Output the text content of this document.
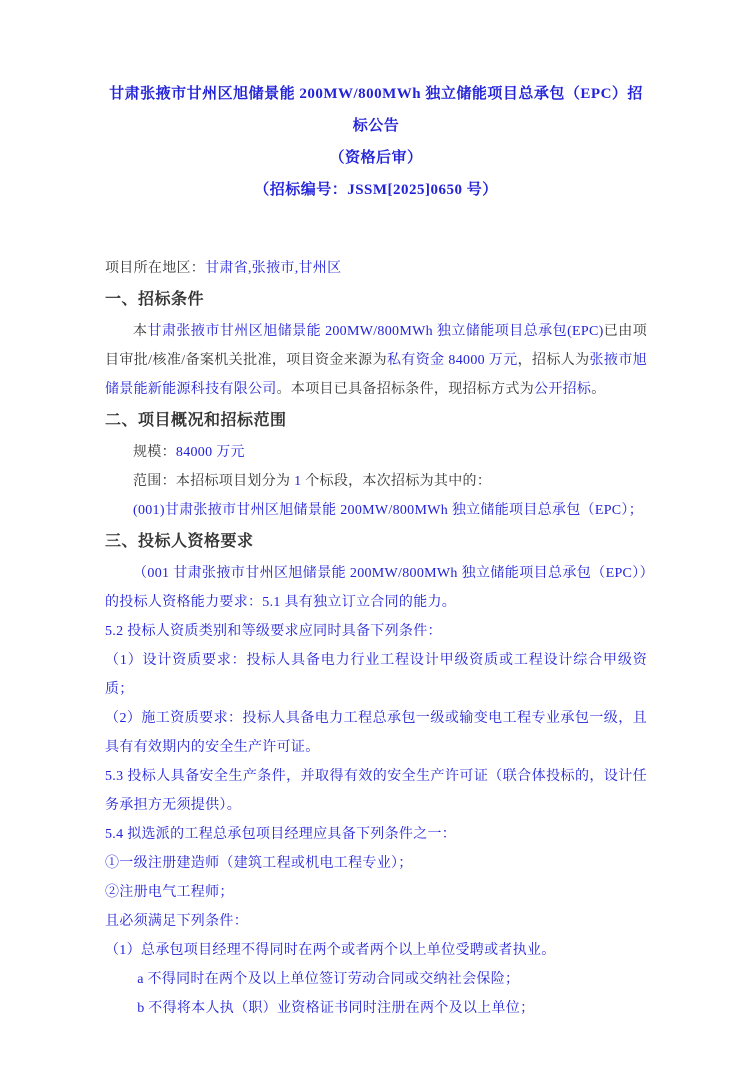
甘肃张掖市甘州区旭储景能 200MW/800MWh 独立储能项目总承包（EPC）招标公告
（资格后审）
（招标编号：JSSM[2025]0650 号）
项目所在地区：甘肃省,张掖市,甘州区
一、招标条件
本甘肃张掖市甘州区旭储景能 200MW/800MWh 独立储能项目总承包(EPC)已由项目审批/核准/备案机关批准，项目资金来源为私有资金 84000 万元，招标人为张掖市旭储景能新能源科技有限公司。本项目已具备招标条件，现招标方式为公开招标。
二、项目概况和招标范围
规模：84000 万元
范围：本招标项目划分为 1 个标段，本次招标为其中的：
(001)甘肃张掖市甘州区旭储景能 200MW/800MWh 独立储能项目总承包（EPC）；
三、投标人资格要求
（001 甘肃张掖市甘州区旭储景能 200MW/800MWh 独立储能项目总承包（EPC））的投标人资格能力要求：5.1 具有独立订立合同的能力。
5.2 投标人资质类别和等级要求应同时具备下列条件：
（1）设计资质要求：投标人具备电力行业工程设计甲级资质或工程设计综合甲级资质；
（2）施工资质要求：投标人具备电力工程总承包一级或输变电工程专业承包一级，且具有有效期内的安全生产许可证。
5.3 投标人具备安全生产条件，并取得有效的安全生产许可证（联合体投标的，设计任务承担方无须提供）。
5.4 拟选派的工程总承包项目经理应具备下列条件之一：
①一级注册建造师（建筑工程或机电工程专业）；
②注册电气工程师；
且必须满足下列条件：
（1）总承包项目经理不得同时在两个或者两个以上单位受聘或者执业。
a 不得同时在两个及以上单位签订劳动合同或交纳社会保险；
b 不得将本人执（职）业资格证书同时注册在两个及以上单位；
